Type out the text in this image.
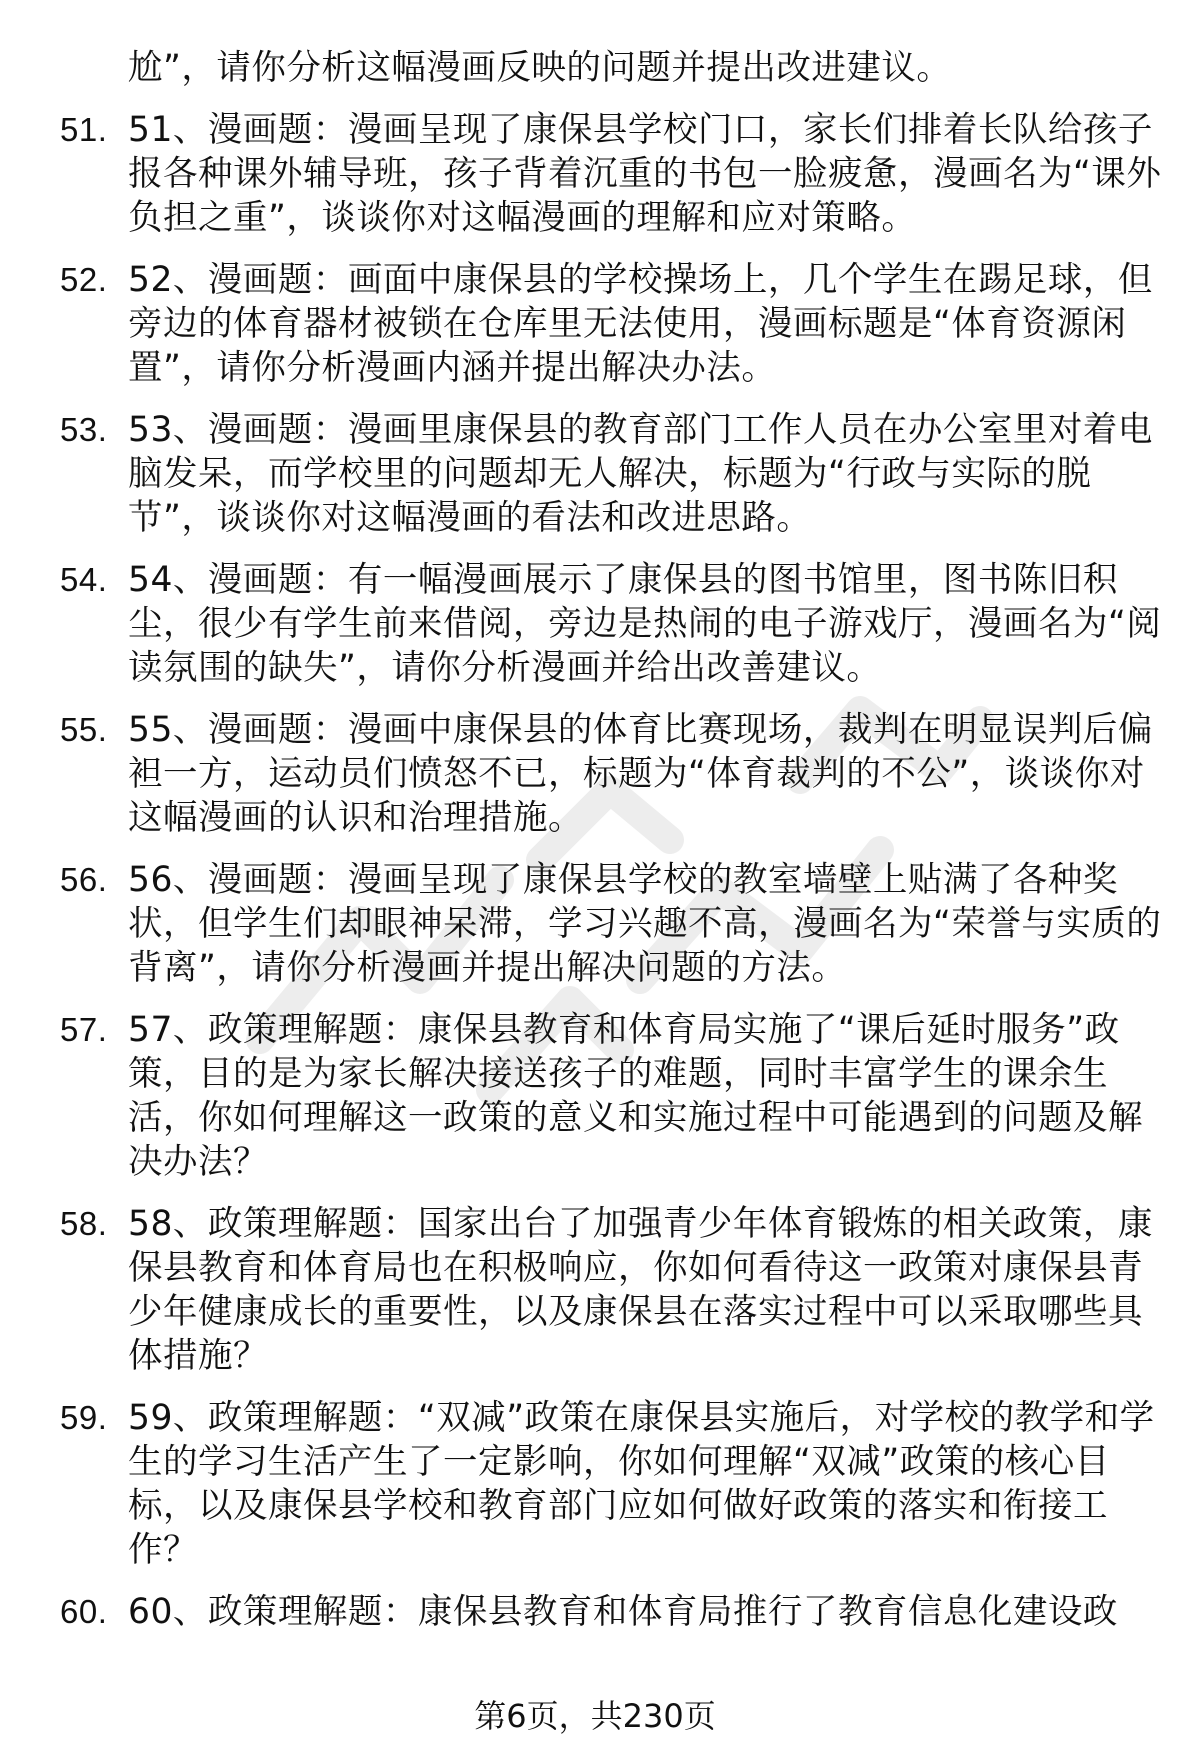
尬”，请你分析这幅漫画反映的问题并提出改进建议。
51. 51、漫画题：漫画呈现了康保县学校门口，家长们排着长队给孩子报各种课外辅导班，孩子背着沉重的书包一脸疲惫，漫画名为“课外负担之重”，谈谈你对这幅漫画的理解和应对策略。
52. 52、漫画题：画面中康保县的学校操场上，几个学生在踢足球，但旁边的体育器材被锁在仓库里无法使用，漫画标题是“体育资源闲置”，请你分析漫画内涵并提出解决办法。
53. 53、漫画题：漫画里康保县的教育部门工作人员在办公室里对着电脑发呆，而学校里的问题却无人解决，标题为“行政与实际的脱节”，谈谈你对这幅漫画的看法和改进思路。
54. 54、漫画题：有一幅漫画展示了康保县的图书馆里，图书陈旧积尘，很少有学生前来借阅，旁边是热闹的电子游戏厅，漫画名为“阅读氛围的缺失”，请你分析漫画并给出改善建议。
55. 55、漫画题：漫画中康保县的体育比赛现场，裁判在明显误判后偏袒一方，运动员们愤怒不已，标题为“体育裁判的不公”，谈谈你对这幅漫画的认识和治理措施。
56. 56、漫画题：漫画呈现了康保县学校的教室墙壁上贴满了各种奖状，但学生们却眼神呆滞，学习兴趣不高，漫画名为“荣誉与实质的背离”，请你分析漫画并提出解决问题的方法。
57. 57、政策理解题：康保县教育和体育局实施了“课后延时服务”政策，目的是为家长解决接送孩子的难题，同时丰富学生的课余生活，你如何理解这一政策的意义和实施过程中可能遇到的问题及解决办法？
58. 58、政策理解题：国家出台了加强青少年体育锻炼的相关政策，康保县教育和体育局也在积极响应，你如何看待这一政策对康保县青少年健康成长的重要性，以及康保县在落实过程中可以采取哪些具体措施？
59. 59、政策理解题：“双减”政策在康保县实施后，对学校的教学和学生的学习生活产生了一定影响，你如何理解“双减”政策的核心目标，以及康保县学校和教育部门应如何做好政策的落实和衔接工作？
60. 60、政策理解题：康保县教育和体育局推行了教育信息化建设政
第6页，共230页
